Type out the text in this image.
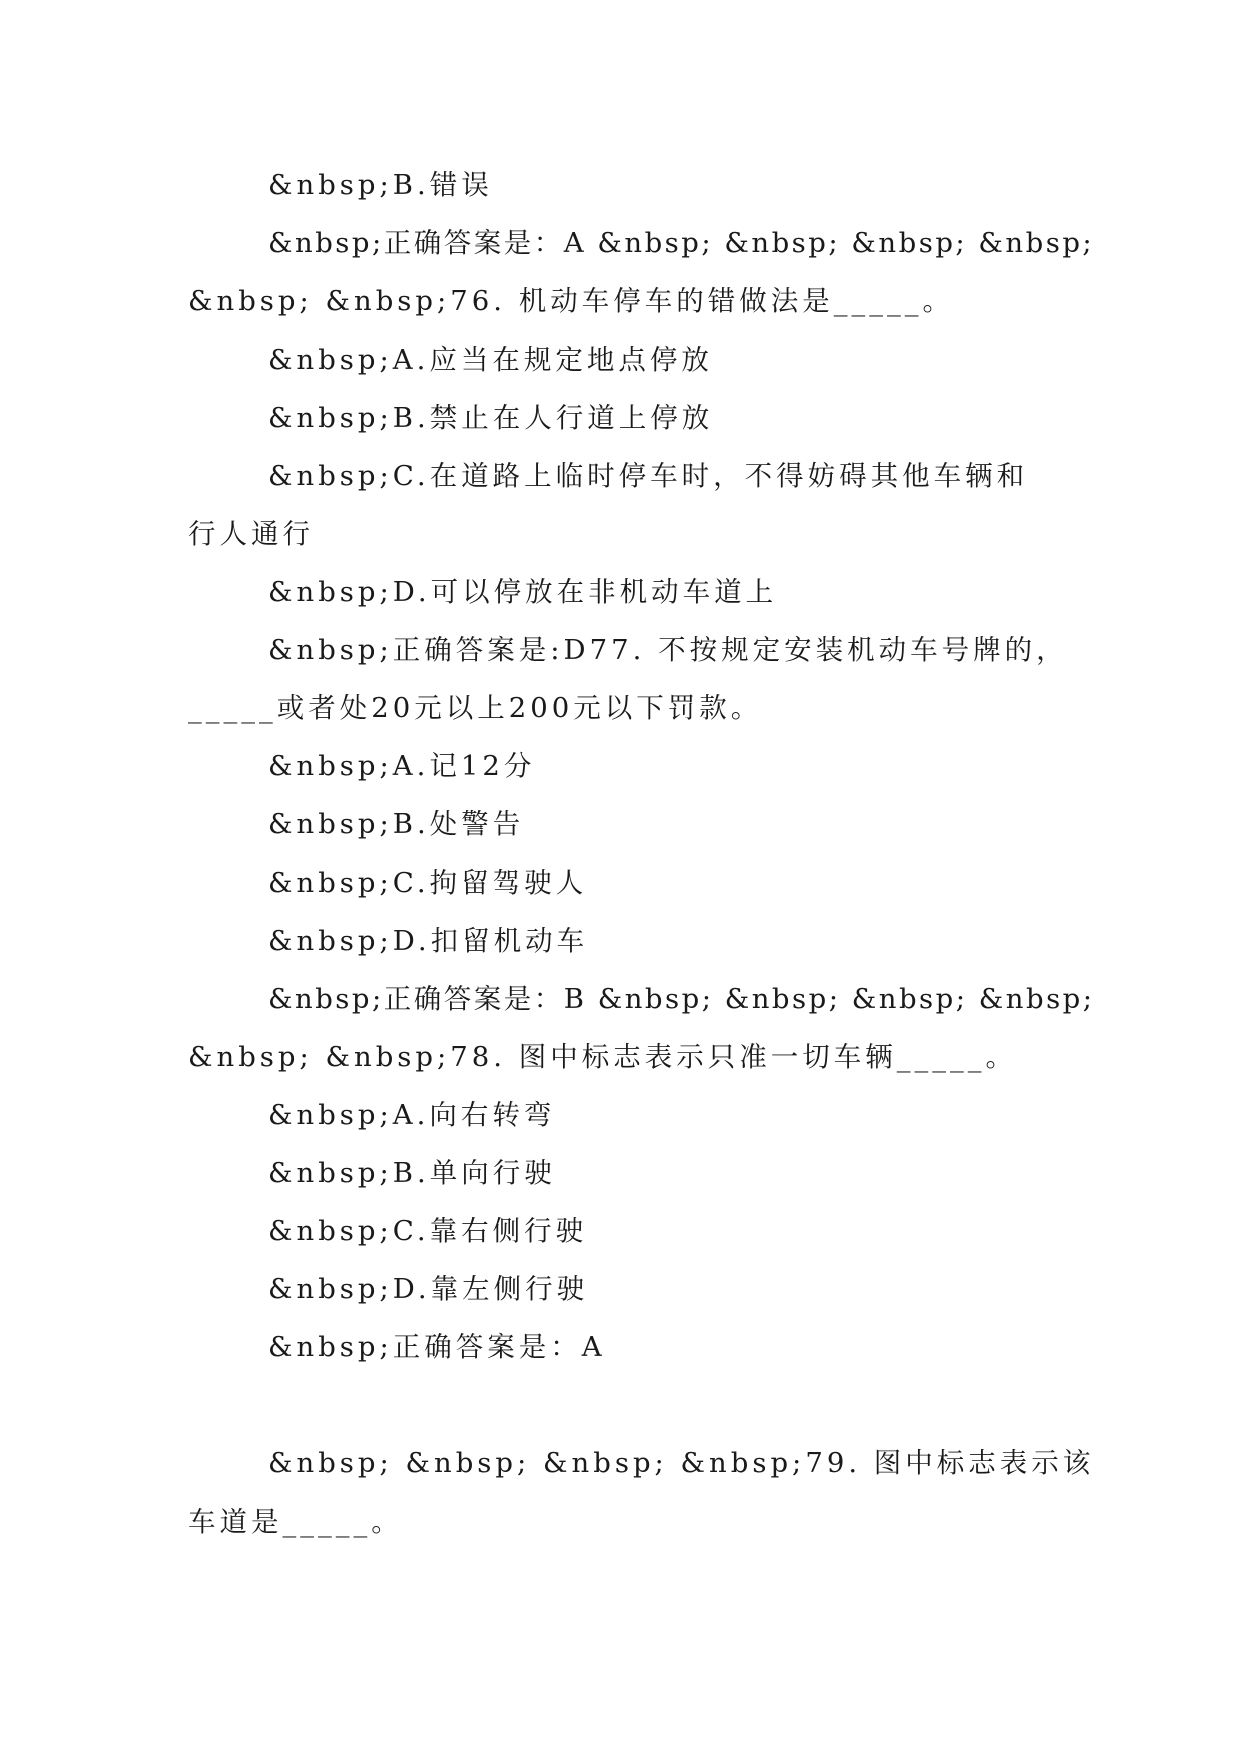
&nbsp;B.错误
&nbsp;正确答案是：A &nbsp; &nbsp; &nbsp; &nbsp;
&nbsp; &nbsp;76. 机动车停车的错做法是_____。
&nbsp;A.应当在规定地点停放
&nbsp;B.禁止在人行道上停放
&nbsp;C.在道路上临时停车时，不得妨碍其他车辆和
行人通行
&nbsp;D.可以停放在非机动车道上
&nbsp;正确答案是:D77. 不按规定安装机动车号牌的，
_____或者处20元以上200元以下罚款。
&nbsp;A.记12分
&nbsp;B.处警告
&nbsp;C.拘留驾驶人
&nbsp;D.扣留机动车
&nbsp;正确答案是：B &nbsp; &nbsp; &nbsp; &nbsp;
&nbsp; &nbsp;78. 图中标志表示只准一切车辆_____。
&nbsp;A.向右转弯
&nbsp;B.单向行驶
&nbsp;C.靠右侧行驶
&nbsp;D.靠左侧行驶
&nbsp;正确答案是：A
&nbsp; &nbsp; &nbsp; &nbsp;79. 图中标志表示该
车道是_____。
